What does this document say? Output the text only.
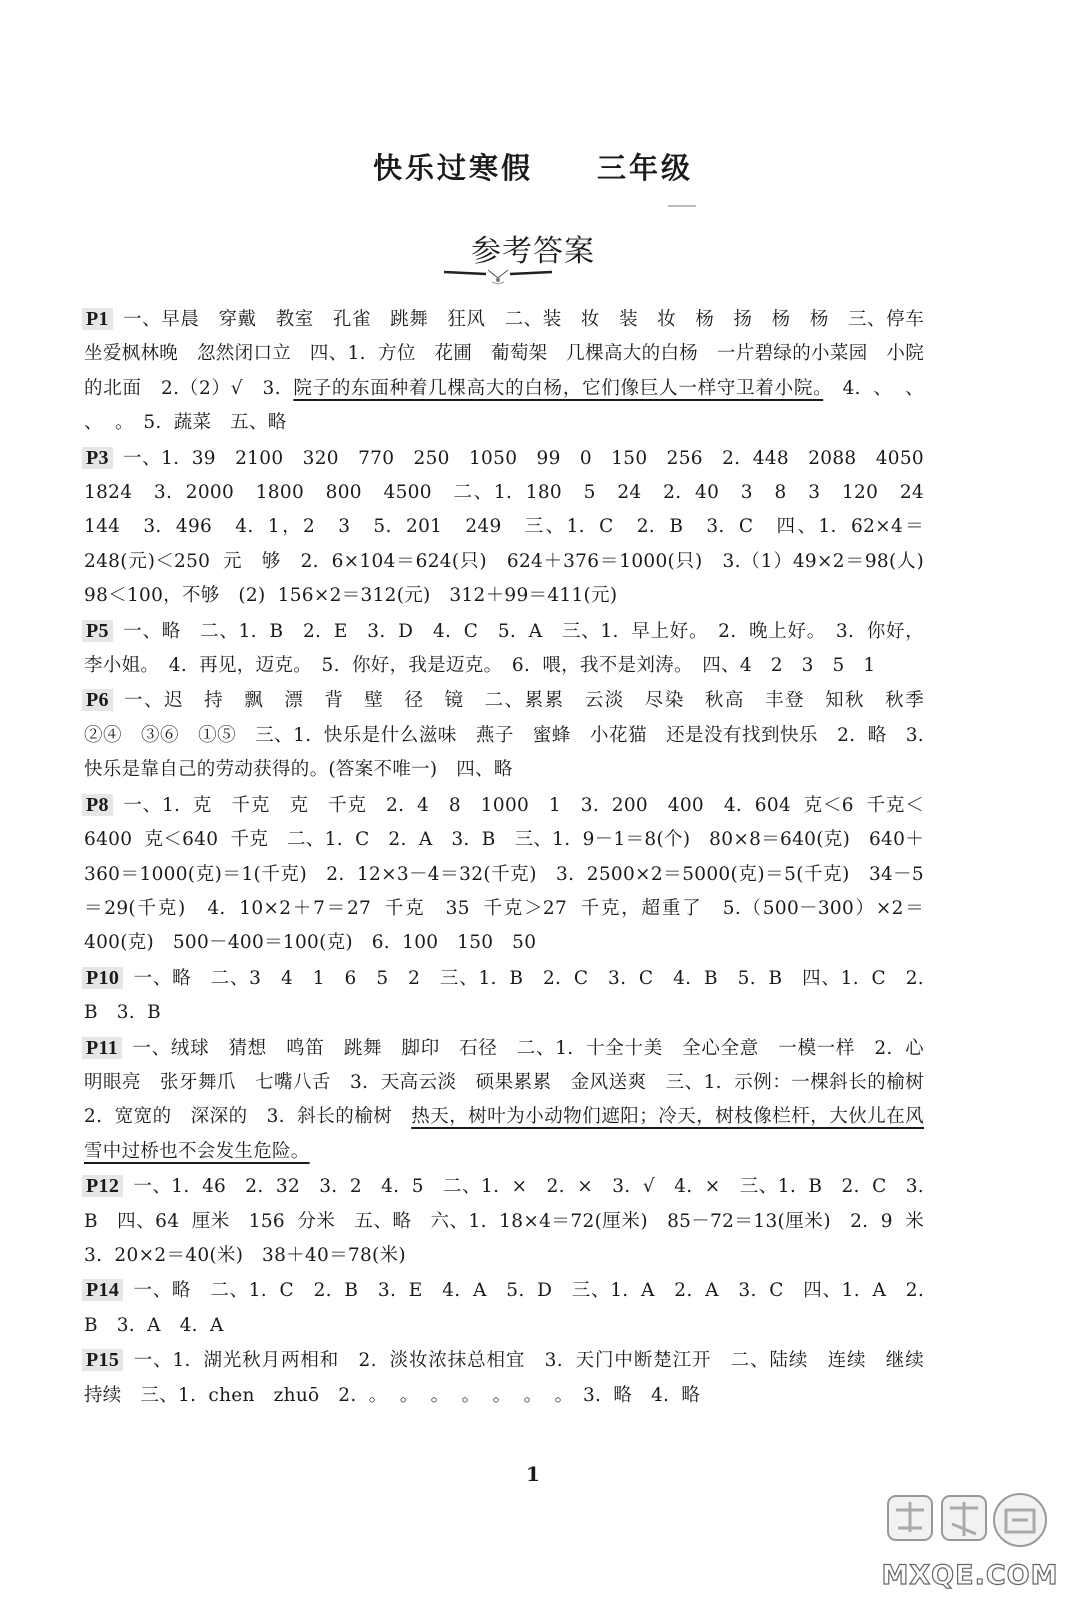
快乐过寒假　　三年级
参考答案
P1 一、早晨　穿戴　教室　孔雀　跳舞　狂风　二、装　妆　装　妆　杨　扬　杨　杨　三、停车坐爱枫林晚　忽然闭口立　四、1. 方位　花圃　葡萄架　几棵高大的白杨　一片碧绿的小菜园　小院的北面　2.（2）√　3. 院子的东面种着几棵高大的白杨，它们像巨人一样守卫着小院。　4. 、 、 、 。　5. 蔬菜　五、略
P3 一、1. 39　2100　320　770　250　1050　99　0　150　256　2. 448　2088　4050　1824　3. 2000　1800　800　4500　二、1. 180　5　24　2. 40　3　8　3　120　24　144　3. 496　4. 1，2　3　5. 201　249　三、1. C　2. B　3. C　四、1. 62×4＝248(元)＜250 元　够　2. 6×104＝624(只)　624＋376＝1000(只)　3.（1）49×2＝98(人)　98＜100，不够　(2) 156×2＝312(元)　312＋99＝411(元)
P5 一、略　二、1. B　2. E　3. D　4. C　5. A　三、1. 早上好。　2. 晚上好。　3. 你好，李小姐。　4. 再见，迈克。　5. 你好，我是迈克。　6. 喂，我不是刘涛。　四、4　2　3　5　1
P6 一、迟　持　飘　漂　背　壁　径　镜　二、累累　云淡　尽染　秋高　丰登　知秋　秋季　②④　③⑥　①⑤　三、1. 快乐是什么滋味　燕子　蜜蜂　小花猫　还是没有找到快乐　2. 略　3. 快乐是靠自己的劳动获得的。(答案不唯一)　四、略
P8 一、1. 克　千克　克　千克　2. 4　8　1000　1　3. 200　400　4. 604 克＜6 千克＜6400 克＜640 千克　二、1. C　2. A　3. B　三、1. 9－1＝8(个)　80×8＝640(克)　640＋360＝1000(克)＝1(千克)　2. 12×3－4＝32(千克)　3. 2500×2＝5000(克)＝5(千克)　34－5＝29(千克)　4. 10×2＋7＝27 千克　35 千克＞27 千克，超重了　5.（500－300）×2＝400(克)　500－400＝100(克)　6. 100　150　50
P10 一、略　二、3　4　1　6　5　2　三、1. B　2. C　3. C　4. B　5. B　四、1. C　2. B　3. B
P11 一、绒球　猜想　鸣笛　跳舞　脚印　石径　二、1. 十全十美　全心全意　一模一样　2. 心明眼亮　张牙舞爪　七嘴八舌　3. 天高云淡　硕果累累　金风送爽　三、1. 示例：一棵斜长的榆树　2. 宽宽的　深深的　3. 斜长的榆树　热天，树叶为小动物们遮阳；冷天，树枝像栏杆，大伙儿在风雪中过桥也不会发生危险。
P12 一、1. 46　2. 32　3. 2　4. 5　二、1. ×　2. ×　3. √　4. ×　三、1. B　2. C　3. B　四、64 厘米　156 分米　五、略　六、1. 18×4＝72(厘米)　85－72＝13(厘米)　2. 9 米　3. 20×2＝40(米)　38＋40＝78(米)
P14 一、略　二、1. C　2. B　3. E　4. A　5. D　三、1. A　2. A　3. C　四、1. A　2. B　3. A　4. A
P15 一、1. 湖光秋月两相和　2. 淡妆浓抹总相宜　3. 天门中断楚江开　二、陆续　连续　继续　持续　三、1. chen　zhuō　2. 。 。 。 。 。 。 。　3. 略　4. 略
1
MXQE.COM
